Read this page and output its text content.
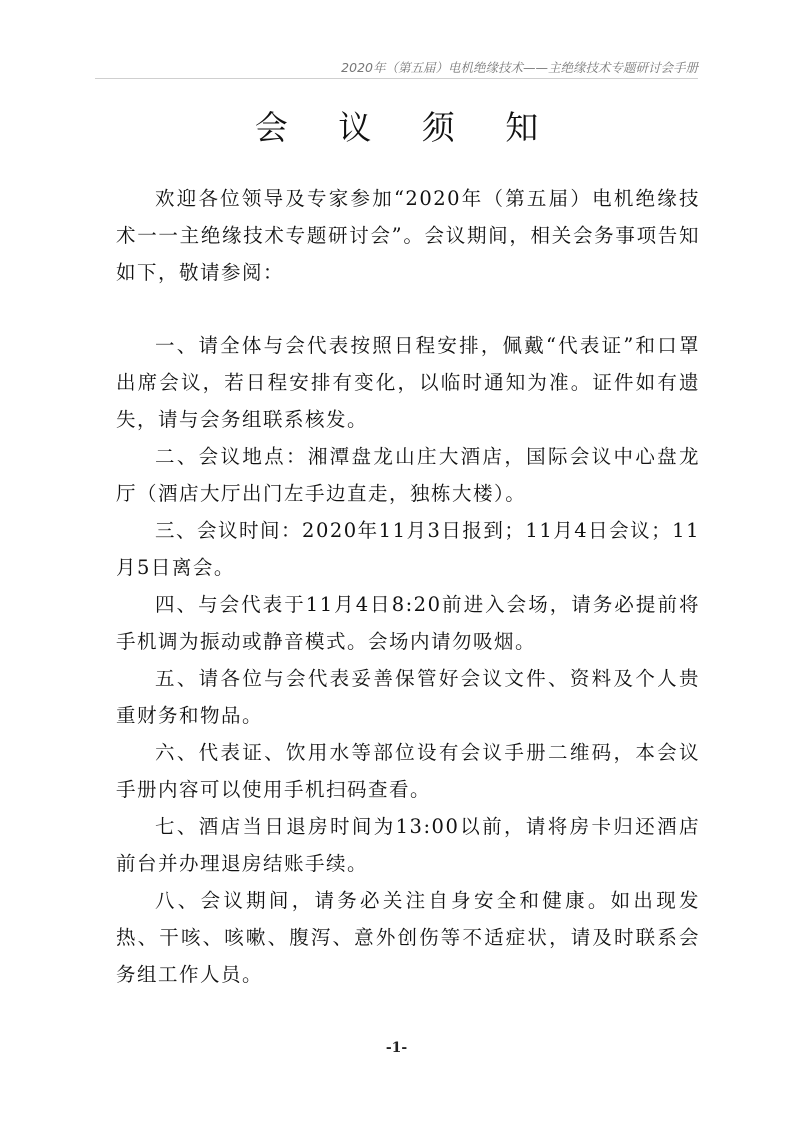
2020年（第五届）电机绝缘技术——主绝缘技术专题研讨会手册
会 议 须 知

欢迎各位领导及专家参加“2020年（第五届）电机绝缘技术一一主绝缘技术专题研讨会”。会议期间，相关会务事项告知如下，敬请参阅：

一、请全体与会代表按照日程安排，佩戴“代表证”和口罩出席会议，若日程安排有变化，以临时通知为准。证件如有遗失，请与会务组联系核发。

二、会议地点：湘潭盘龙山庄大酒店，国际会议中心盘龙厅（酒店大厅出门左手边直走，独栋大楼）。

三、会议时间：2020年11月3日报到；11月4日会议；11月5日离会。

四、与会代表于11月4日8:20前进入会场，请务必提前将手机调为振动或静音模式。会场内请勿吸烟。

五、请各位与会代表妥善保管好会议文件、资料及个人贵重财务和物品。

六、代表证、饮用水等部位设有会议手册二维码，本会议手册内容可以使用手机扫码查看。

七、酒店当日退房时间为13:00以前，请将房卡归还酒店前台并办理退房结账手续。

八、会议期间，请务必关注自身安全和健康。如出现发热、干咳、咳嗽、腹泻、意外创伤等不适症状，请及时联系会务组工作人员。

-1-
